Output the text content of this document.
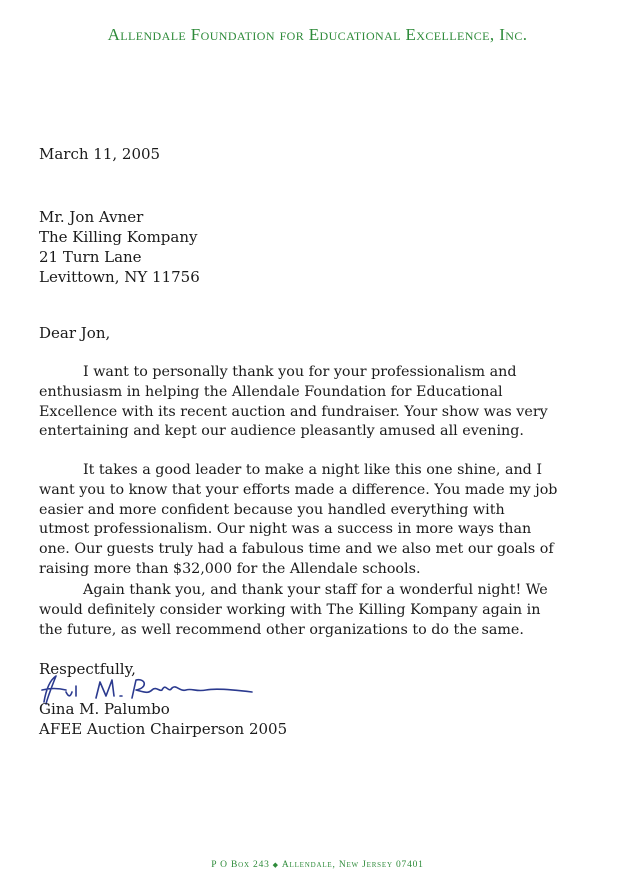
Allendale Foundation for Educational Excellence, Inc.
March 11, 2005
Mr. Jon Avner
The Killing Kompany
21 Turn Lane
Levittown, NY 11756
Dear Jon,

I want to personally thank you for your professionalism and enthusiasm in helping the Allendale Foundation for Educational Excellence with its recent auction and fundraiser. Your show was very entertaining and kept our audience pleasantly amused all evening.

It takes a good leader to make a night like this one shine, and I want you to know that your efforts made a difference. You made my job easier and more confident because you handled everything with utmost professionalism. Our night was a success in more ways than one. Our guests truly had a fabulous time and we also met our goals of raising more than $32,000 for the Allendale schools.

Again thank you, and thank your staff for a wonderful night! We would definitely consider working with The Killing Kompany again in the future, as well recommend other organizations to do the same.

Respectfully,
Gina M. Palumbo
AFEE Auction Chairperson 2005
P O Box 243 ◆ Allendale, New Jersey 07401
